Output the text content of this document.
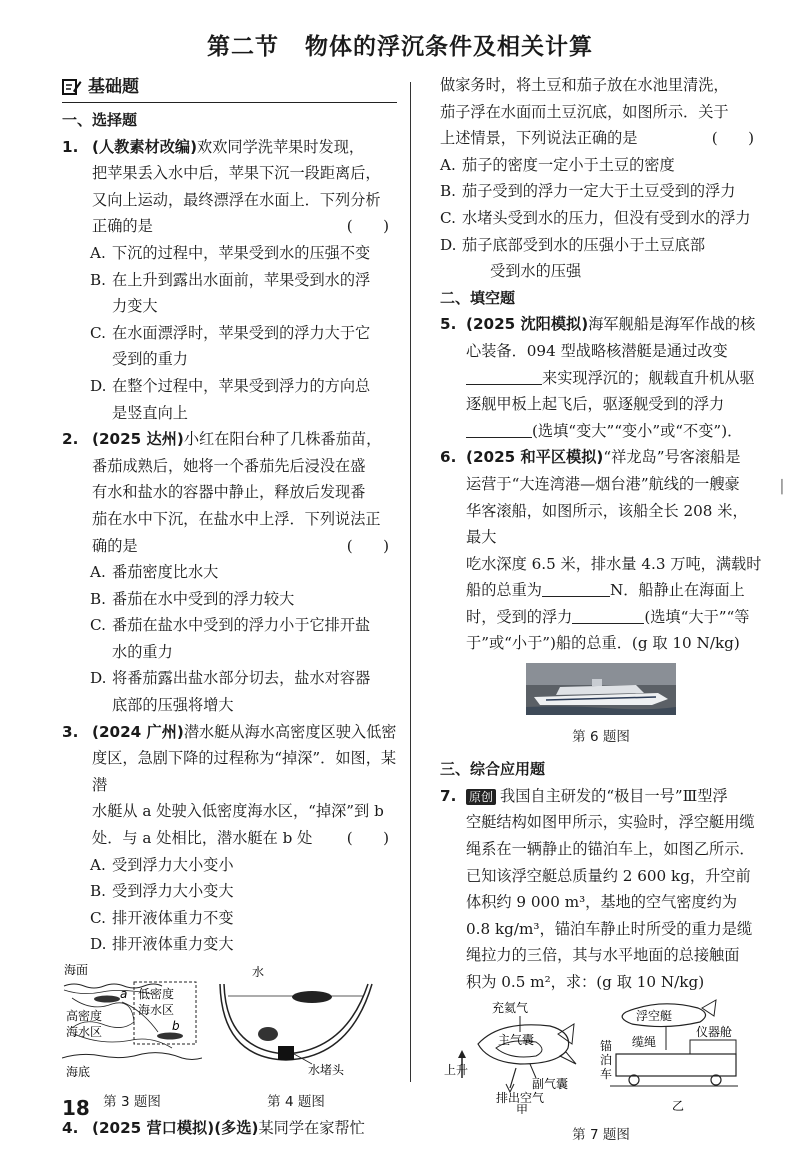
第二节 物体的浮沉条件及相关计算
基础题
一、选择题
1. (人教素材改编)欢欢同学洗苹果时发现，
把苹果丢入水中后，苹果下沉一段距离后，
又向上运动，最终漂浮在水面上．下列分析
正确的是	(　　)
A. 下沉的过程中，苹果受到水的压强不变
B. 在上升到露出水面前，苹果受到水的浮
力变大
C. 在水面漂浮时，苹果受到的浮力大于它
受到的重力
D. 在整个过程中，苹果受到浮力的方向总
是竖直向上
2. (2025 达州)小红在阳台种了几株番茄苗，
番茄成熟后，她将一个番茄先后浸没在盛
有水和盐水的容器中静止，释放后发现番
茄在水中下沉，在盐水中上浮．下列说法正
确的是	(　　)
A. 番茄密度比水大
B. 番茄在水中受到的浮力较大
C. 番茄在盐水中受到的浮力小于它排开盐
水的重力
D. 将番茄露出盐水部分切去，盐水对容器
底部的压强将增大
3. (2024 广州)潜水艇从海水高密度区驶入低密
度区，急剧下降的过程称为“掉深”．如图，某潜
水艇从 a 处驶入低密度海水区，“掉深”到 b
处．与 a 处相比，潜水艇在 b 处 (　　)
A. 受到浮力大小变小
B. 受到浮力大小变大
C. 排开液体重力不变
D. 排开液体重力变大
海面
低密度
海水区
高密度
海水区
a
b
海底
第 3 题图
水
水堵头
第 4 题图
4. (2025 营口模拟)(多选)某同学在家帮忙
做家务时，将土豆和茄子放在水池里清洗，
茄子浮在水面而土豆沉底，如图所示．关于
上述情景，下列说法正确的是	(　　)
A. 茄子的密度一定小于土豆的密度
B. 茄子受到的浮力一定大于土豆受到的浮力
C. 水堵头受到水的压力，但没有受到水的浮力
D. 茄子底部受到水的压强小于土豆底部
受到水的压强
二、填空题
5. (2025 沈阳模拟)海军舰船是海军作战的核
心装备．094 型战略核潜艇是通过改变
来实现浮沉的；舰载直升机从驱
逐舰甲板上起飞后，驱逐舰受到的浮力
(选填“变大”“变小”或“不变”)．
6. (2025 和平区模拟)“祥龙岛”号客滚船是
运营于“大连湾港—烟台港”航线的一艘豪
华客滚船，如图所示，该船全长 208 米，最大
吃水深度 6.5 米，排水量 4.3 万吨，满载时
船的总重为	N．船静止在海面上
时，受到的浮力	(选填“大于”“等
于”或“小于”)船的总重．(g 取 10 N/kg)
第 6 题图
三、综合应用题
7. 原创 我国自主研发的“极目一号”Ⅲ型浮
空艇结构如图甲所示，实验时，浮空艇用缆
绳系在一辆静止的锚泊车上，如图乙所示．
已知该浮空艇总质量约 2 600 kg，升空前
体积约 9 000 m³，基地的空气密度约为
0.8 kg/m³，锚泊车静止时所受的重力是缆
绳拉力的三倍，其与水平地面的总接触面
积为 0.5 m²，求：(g 取 10 N/kg)
充氦气
主气囊
上升
副气囊
排出空气
甲
浮空艇
缆绳
仪器舱
锚
泊
车
乙
第 7 题图
│
18
